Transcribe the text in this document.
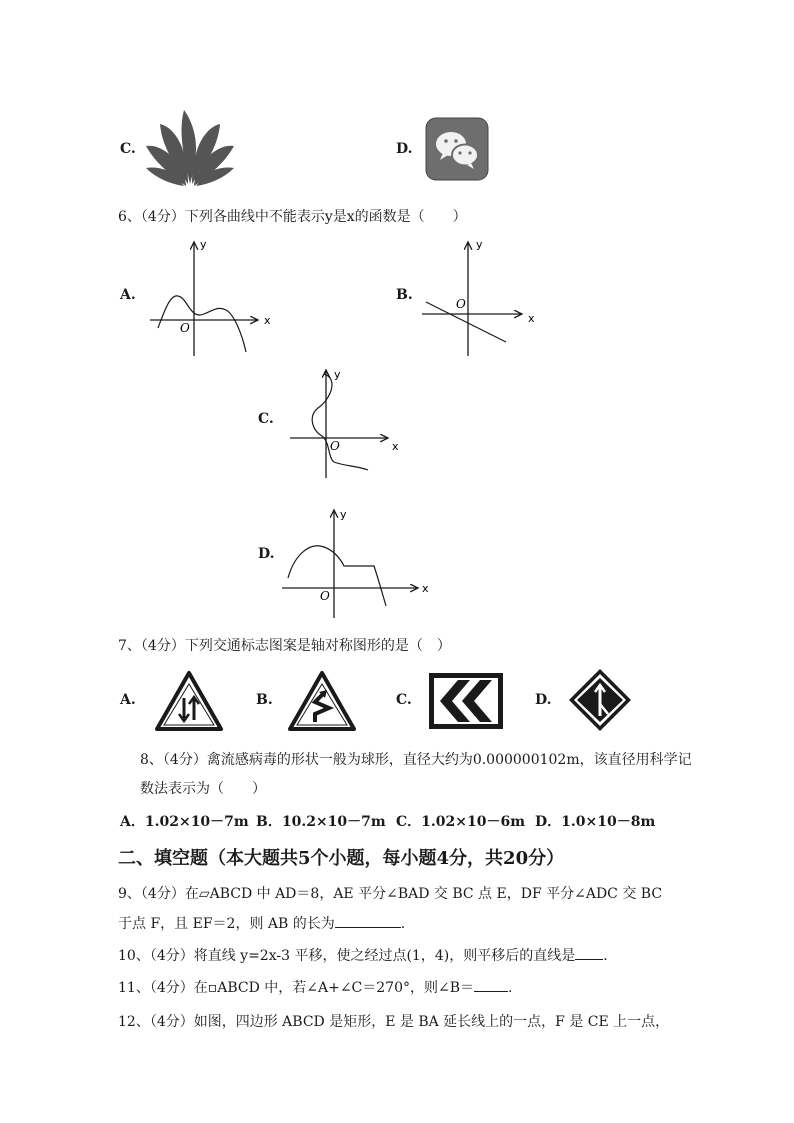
C.	D.
6、（4分）下列各曲线中不能表示y是x的函数是（　　）
A.
x
y
O
B.
x
y
O
C.
x
y
O
D.
x
y
O
7、（4分）下列交通标志图案是轴对称图形的是（　）
A.	B.	C.	D.
8、（4分）禽流感病毒的形状一般为球形，直径大约为0.000000102m，该直径用科学记
数法表示为（　　）
A．1.02×10－7m B．10.2×10－7m C．1.02×10－6m D．1.0×10－8m
二、填空题（本大题共5个小题，每小题4分，共20分）
9、（4分）在▱ABCD 中 AD＝8，AE 平分∠BAD 交 BC 点 E，DF 平分∠ADC 交 BC
于点 F，且 EF＝2，则 AB 的长为	.
10、（4分）将直线 y=2x-3 平移，使之经过点(1，4)，则平移后的直线是 .
11、（4分）在▫ABCD 中，若∠A+∠C＝270°，则∠B＝ .
12、（4分）如图，四边形 ABCD 是矩形，E 是 BA 延长线上的一点，F 是 CE 上一点，
